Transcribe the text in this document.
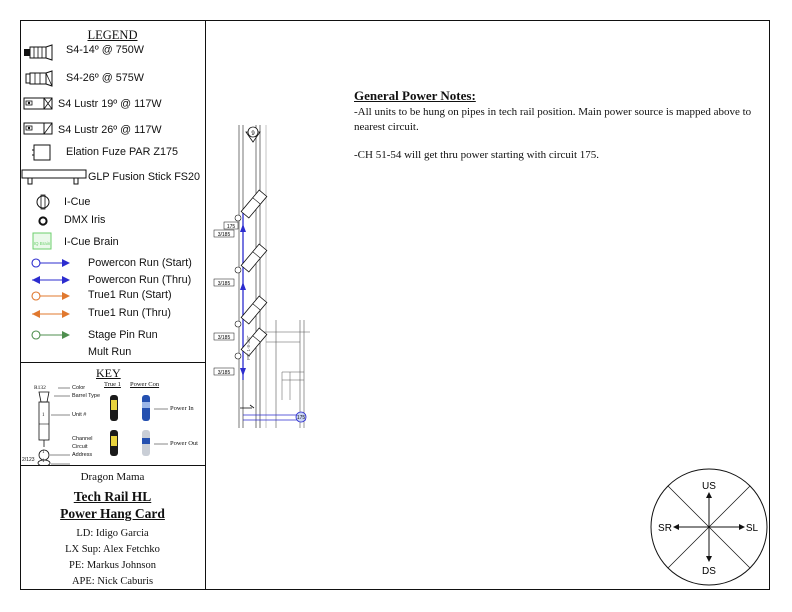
LEGEND
S4-14º @ 750W
S4-26º @ 575W
S4 Lustr 19º @ 117W
S4 Lustr 26º @ 117W
Elation Fuze PAR Z175
GLP Fusion Stick FS20
I-Cue
DMX Iris
IQ Brain I-Cue Brain
Powercon Run (Start)
Powercon Run (Thru)
True1 Run (Start)
True1 Run (Thru)
Stage Pin Run
Mult Run
KEY
True 1 Power Con
R132
1
1
1
2/123
Color
Barrel Type
Unit #
Channel
Circuit
Address
Power In
Power Out
Dragon Mama
Tech Rail HL
Power Hang Card
LD: Idigo Garcia
LX Sup: Alex Fetchko
PE: Markus Johnson
APE: Nick Caburis
General Power Notes:

-All units to be hung on pipes in tech rail position. Main power source is mapped above to nearest circuit.

-CH 51-54 will get thru power starting with circuit 175.

175
9
175
3/185
3/185
3/185
3/185
PP: 1-8-3/8"
US
DS
SR	SL
